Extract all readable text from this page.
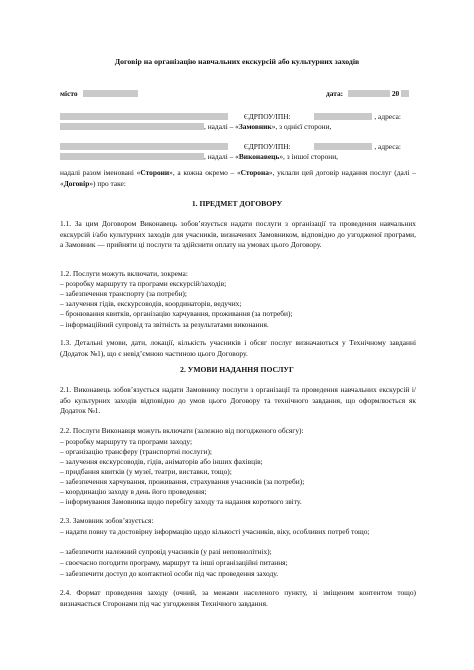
Договір на організацію навчальних екскурсій або культурних заходів
місто	дата:	20
ЄДРПОУ/ІПН:	, адреса:
, надалі – «Замовник», з однієї сторони,
ЄДРПОУ/ІПН:	, адреса:
, надалі – «Виконавець», з іншої сторони,
надалі разом іменовані «Сторони», а кожна окремо – «Сторона», уклали цей договір надання послуг (далі – «Договір») про таке:
1. ПРЕДМЕТ ДОГОВОРУ
1.1. За цим Договором Виконавець зобов’язується надати послуги з організації та проведення навчальних екскурсій і/або культурних заходів для учасників, визначених Замовником, відповідно до узгодженої програми, а Замовник — прийняти ці послуги та здійснити оплату на умовах цього Договору.
1.2. Послуги можуть включати, зокрема:
– розробку маршруту та програми екскурсій/заходів;
– забезпечення транспорту (за потреби);
– залучення гідів, екскурсоводів, координаторів, ведучих;
– бронювання квитків, організацію харчування, проживання (за потреби);
– інформаційний супровід та звітність за результатами виконання.
1.3. Детальні умови, дати, локації, кількість учасників і обсяг послуг визначаються у Технічному завданні (Додаток №1), що є невід’ємною частиною цього Договору.
2. УМОВИ НАДАННЯ ПОСЛУГ
2.1. Виконавець зобов’язується надати Замовнику послуги з організації та проведення навчальних екскурсій і/або культурних заходів відповідно до умов цього Договору та технічного завдання, що оформлюється як Додаток №1.
2.2. Послуги Виконавця можуть включати (залежно від погодженого обсягу):
– розробку маршруту та програми заходу;
– організацію трансферу (транспортні послуги);
– залучення екскурсоводів, гідів, аніматорів або інших фахівців;
– придбання квитків (у музеї, театри, виставки, тощо);
– забезпечення харчування, проживання, страхування учасників (за потреби);
– координацію заходу в день його проведення;
– інформування Замовника щодо перебігу заходу та надання короткого звіту.
2.3. Замовник зобов’язується:
– надати повну та достовірну інформацію щодо кількості учасників, віку, особливих потреб тощо;
– забезпечити належний супровід учасників (у разі неповнолітніх);
– своєчасно погодити програму, маршрут та інші організаційні питання;
– забезпечити доступ до контактної особи під час проведення заходу.
2.4. Формат проведення заходу (очний, за межами населеного пункту, зі зміщеним контентом тощо) визначається Сторонами під час узгодження Технічного завдання.
